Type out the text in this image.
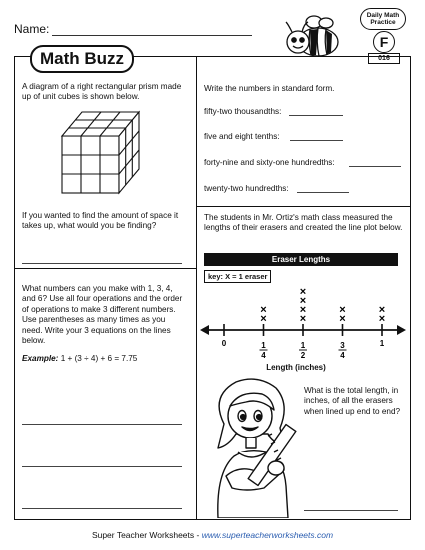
Name:
Daily Math
Practice
F
016
Math Buzz
A diagram of a right rectangular prism made up of unit cubes is shown below.
If you wanted to find the amount of space it takes up, what would you be finding?
What numbers can you make with 1, 3, 4, and 6? Use all four operations and the order of operations to make 3 different numbers. Use parentheses as many times as you need. Write your 3 equations on the lines below.
Example: 1 + (3 ÷ 4) + 6 = 7.75
Write the numbers in standard form.
fifty-two thousandths:
five and eight tenths:
forty-nine and sixty-one hundredths:
twenty-two hundredths:
The students in Mr. Ortiz's math class measured the lengths of their erasers and created the line plot below.
Eraser Lengths
key: X = 1 eraser
0	1
4
×
×
1
2
×
×
×
×
3
4
×
×
1
×
×
Length (inches)
What is the total length, in inches, of all the erasers when lined up end to end?
Super Teacher Worksheets - www.superteacherworksheets.com
